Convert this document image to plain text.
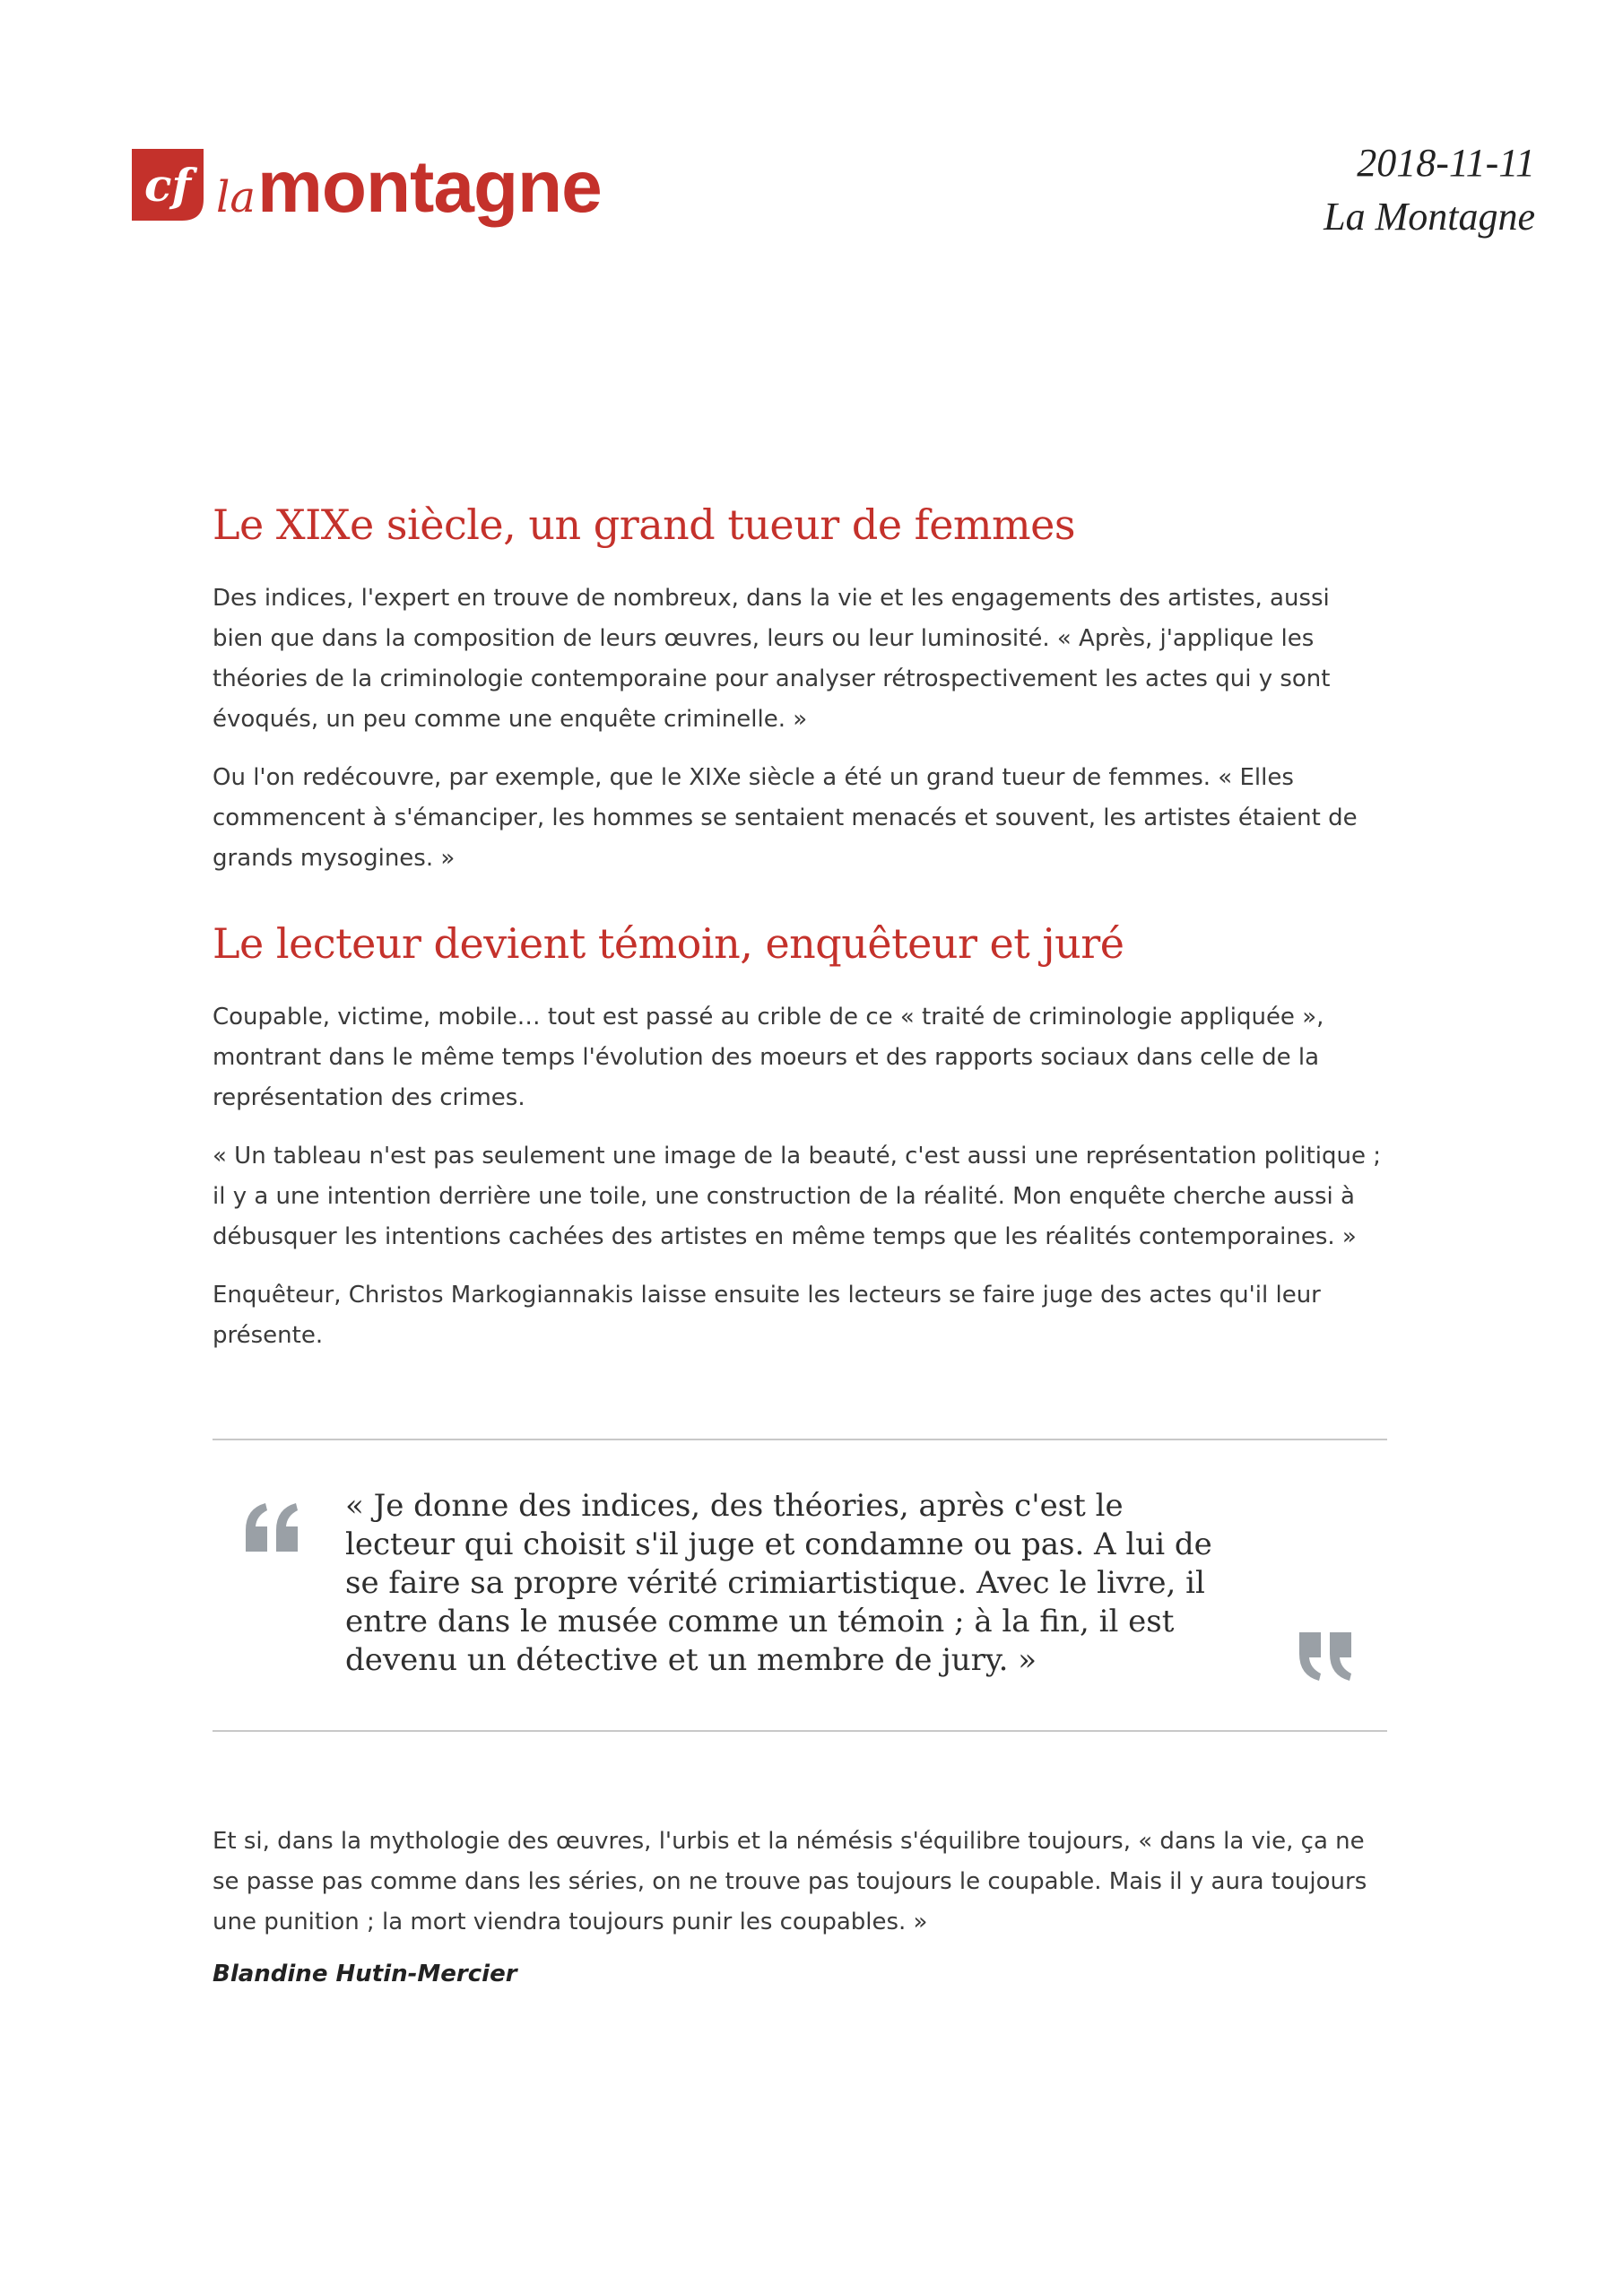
cf lamontagne	2018-11-11
La Montagne
Le XIXe siècle, un grand tueur de femmes

Des indices, l'expert en trouve de nombreux, dans la vie et les engagements des artistes, aussi bien que dans la composition de leurs œuvres, leurs ou leur luminosité. « Après, j'applique les théories de la criminologie contemporaine pour analyser rétrospectivement les actes qui y sont évoqués, un peu comme une enquête criminelle. »

Ou l'on redécouvre, par exemple, que le XIXe siècle a été un grand tueur de femmes. « Elles commencent à s'émanciper, les hommes se sentaient menacés et souvent, les artistes étaient de grands mysogines. »

Le lecteur devient témoin, enquêteur et juré

Coupable, victime, mobile… tout est passé au crible de ce « traité de criminologie appliquée », montrant dans le même temps l'évolution des moeurs et des rapports sociaux dans celle de la représentation des crimes.

« Un tableau n'est pas seulement une image de la beauté, c'est aussi une représentation politique ; il y a une intention derrière une toile, une construction de la réalité. Mon enquête cherche aussi à débusquer les intentions cachées des artistes en même temps que les réalités contemporaines. »

Enquêteur, Christos Markogiannakis laisse ensuite les lecteurs se faire juge des actes qu'il leur présente.

« Je donne des indices, des théories, après c'est le lecteur qui choisit s'il juge et condamne ou pas. A lui de se faire sa propre vérité crimiartistique. Avec le livre, il entre dans le musée comme un témoin ; à la fin, il est devenu un détective et un membre de jury. »

Et si, dans la mythologie des œuvres, l'urbis et la némésis s'équilibre toujours, « dans la vie, ça ne se passe pas comme dans les séries, on ne trouve pas toujours le coupable. Mais il y aura toujours une punition ; la mort viendra toujours punir les coupables. »

Blandine Hutin-Mercier
